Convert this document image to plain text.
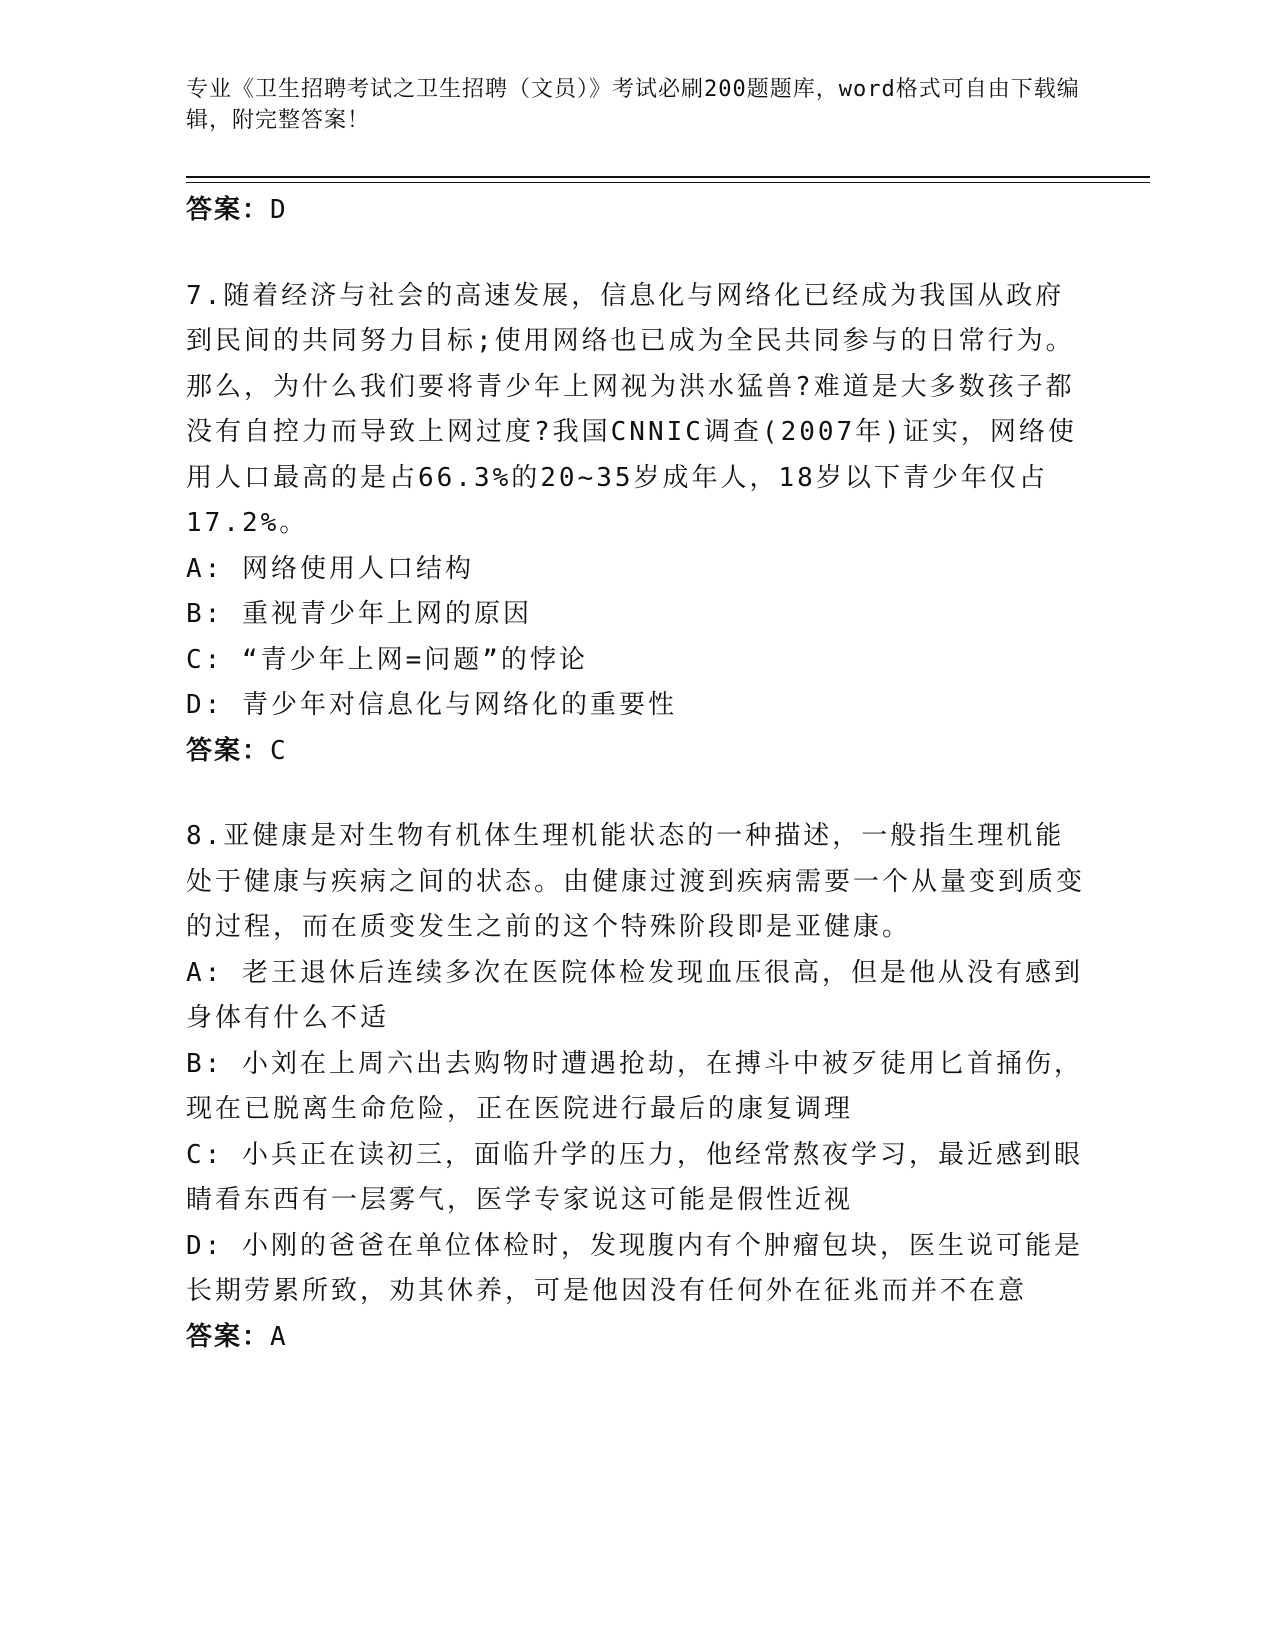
专业《卫生招聘考试之卫生招聘（文员）》考试必刷200题题库，word格式可自由下载编辑，附完整答案！
答案：D
7.随着经济与社会的高速发展，信息化与网络化已经成为我国从政府到民间的共同努力目标;使用网络也已成为全民共同参与的日常行为。那么，为什么我们要将青少年上网视为洪水猛兽?难道是大多数孩子都没有自控力而导致上网过度?我国CNNIC调查(2007年)证实，网络使用人口最高的是占66.3%的20~35岁成年人，18岁以下青少年仅占17.2%。
A: 网络使用人口结构
B: 重视青少年上网的原因
C: “青少年上网=问题”的悖论
D: 青少年对信息化与网络化的重要性
答案：C
8.亚健康是对生物有机体生理机能状态的一种描述，一般指生理机能处于健康与疾病之间的状态。由健康过渡到疾病需要一个从量变到质变的过程，而在质变发生之前的这个特殊阶段即是亚健康。
A: 老王退休后连续多次在医院体检发现血压很高，但是他从没有感到身体有什么不适
B: 小刘在上周六出去购物时遭遇抢劫，在搏斗中被歹徒用匕首捅伤，现在已脱离生命危险，正在医院进行最后的康复调理
C: 小兵正在读初三，面临升学的压力，他经常熬夜学习，最近感到眼睛看东西有一层雾气，医学专家说这可能是假性近视
D: 小刚的爸爸在单位体检时，发现腹内有个肿瘤包块，医生说可能是长期劳累所致，劝其休养，可是他因没有任何外在征兆而并不在意
答案：A
